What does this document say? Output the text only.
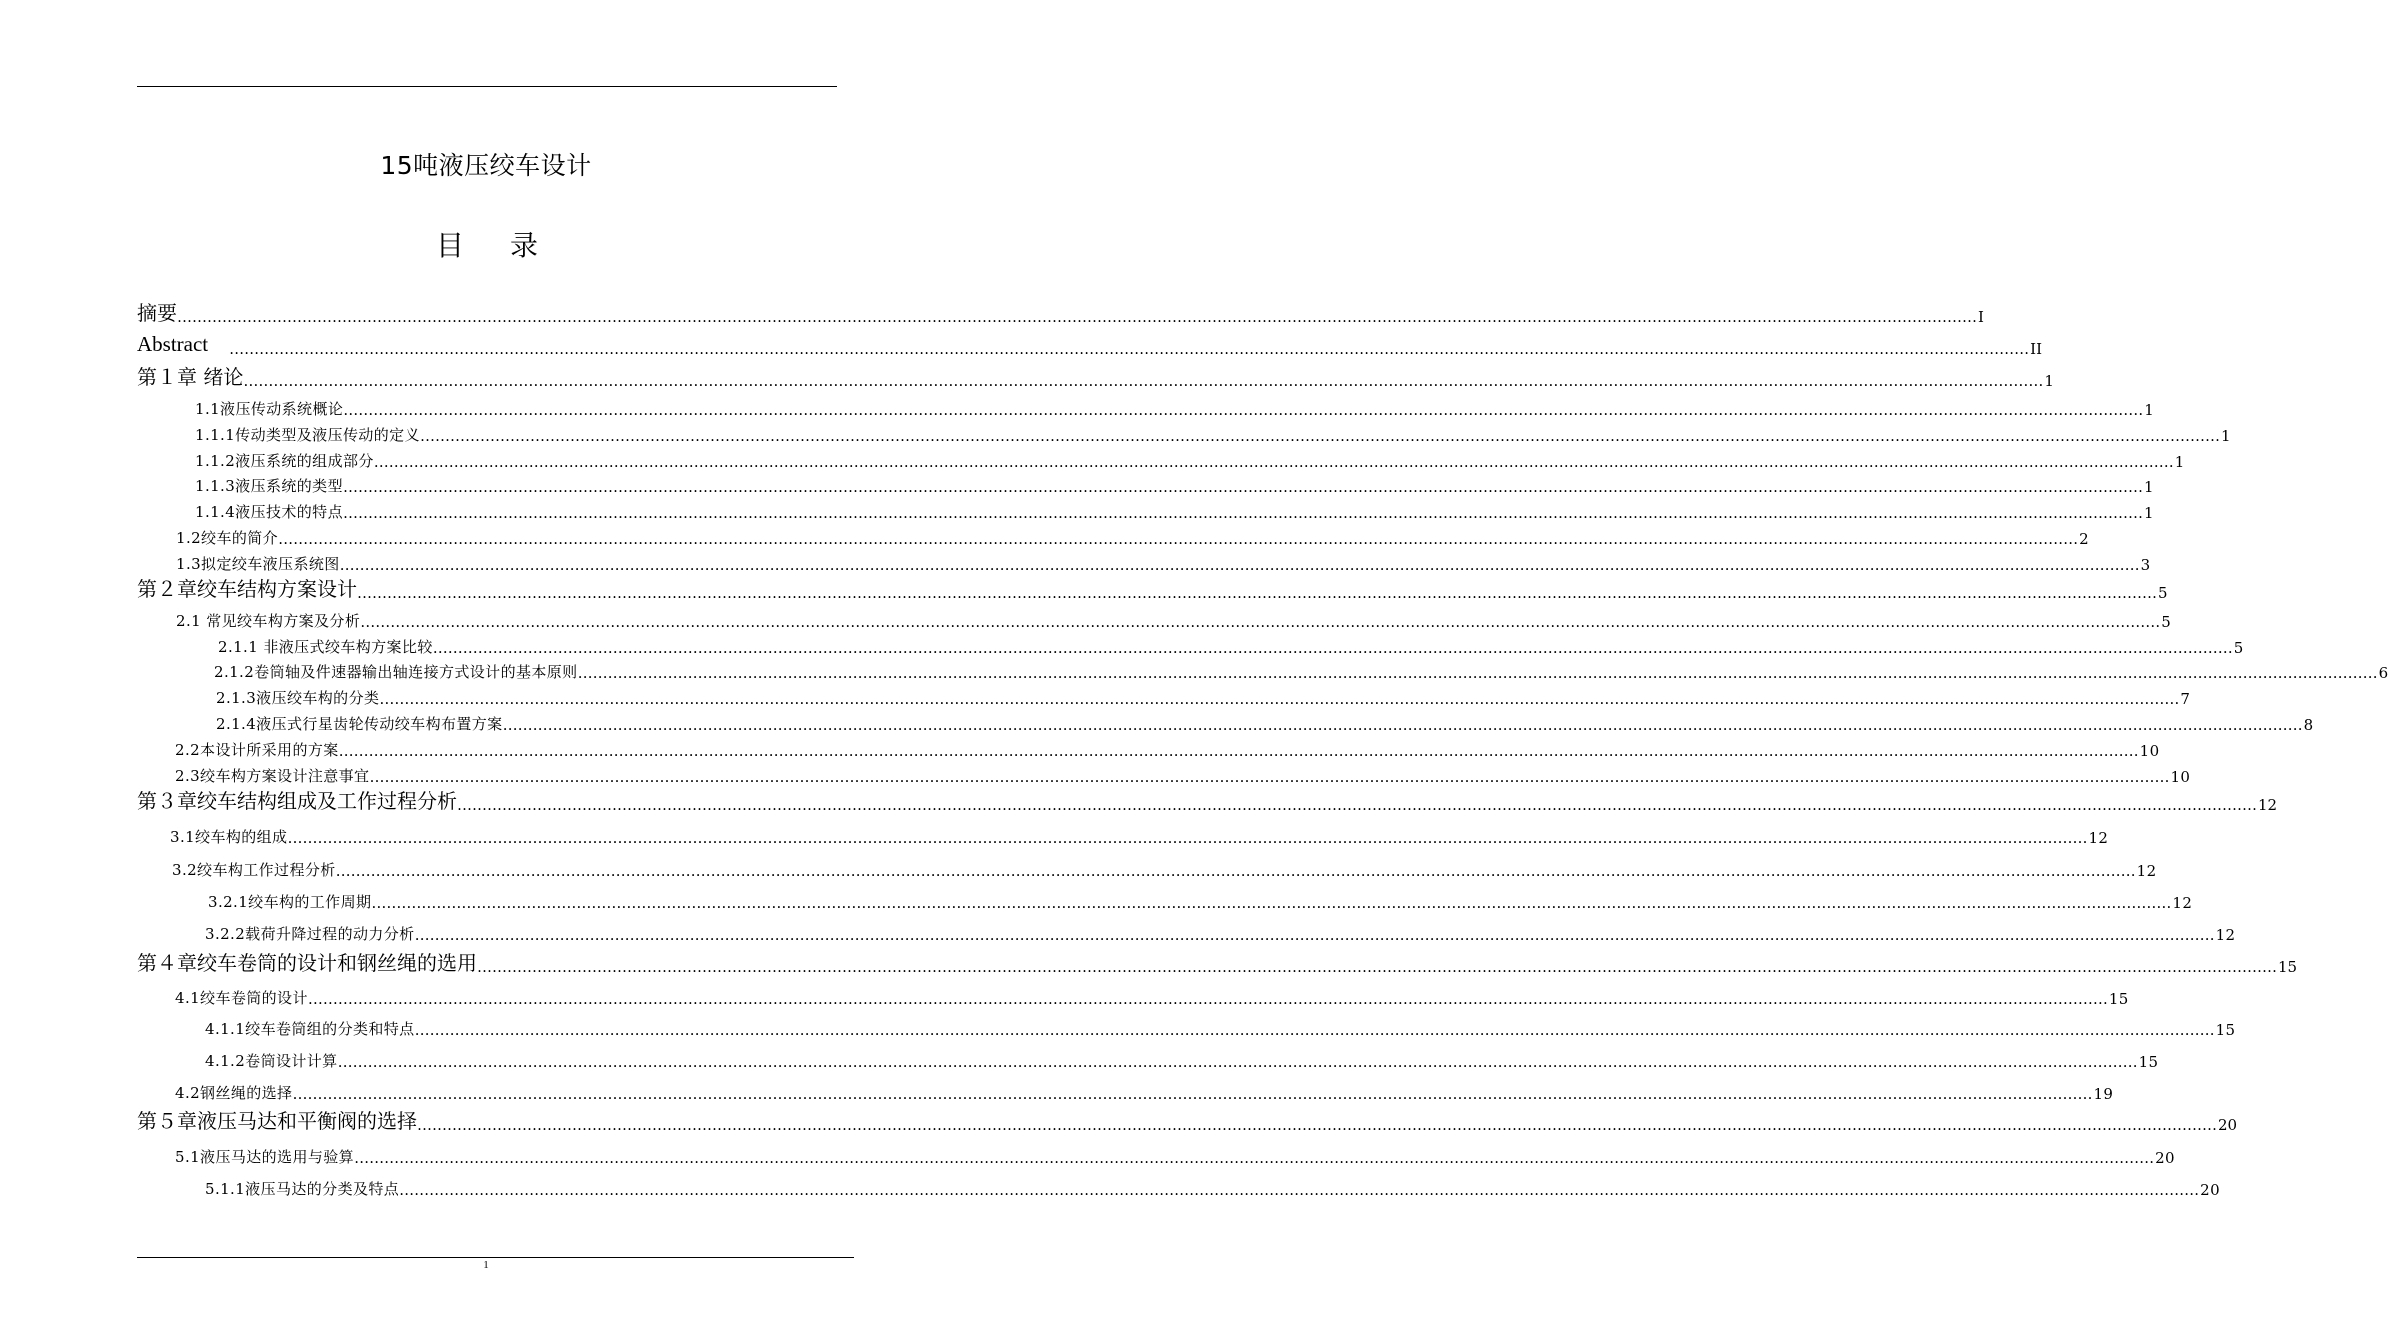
15吨液压绞车设计
目 录
摘要 ……………………………………………………………………………………………………………………………………………………………………………………………………………………………………………………………………………………………………………………………… I
Abstract　 ……………………………………………………………………………………………………………………………………………………………………………………………………………………………………………………………………………………………………………………………… II
第１章 绪论 ……………………………………………………………………………………………………………………………………………………………………………………………………………………………………………………………………………………………………………………………… 1
1.1液压传动系统概论 ……………………………………………………………………………………………………………………………………………………………………………………………………………………………………………………………………………………………………………………………… 1
1.1.1传动类型及液压传动的定义 ……………………………………………………………………………………………………………………………………………………………………………………………………………………………………………………………………………………………………………………………… 1
1.1.2液压系统的组成部分 ……………………………………………………………………………………………………………………………………………………………………………………………………………………………………………………………………………………………………………………………… 1
1.1.3液压系统的类型 ……………………………………………………………………………………………………………………………………………………………………………………………………………………………………………………………………………………………………………………………… 1
1.1.4液压技术的特点 ……………………………………………………………………………………………………………………………………………………………………………………………………………………………………………………………………………………………………………………………… 1
1.2绞车的简介 ……………………………………………………………………………………………………………………………………………………………………………………………………………………………………………………………………………………………………………………………… 2
1.3拟定绞车液压系统图 ……………………………………………………………………………………………………………………………………………………………………………………………………………………………………………………………………………………………………………………………… 3
第２章绞车结构方案设计 ……………………………………………………………………………………………………………………………………………………………………………………………………………………………………………………………………………………………………………………………… 5
2.1 常见绞车构方案及分析 ……………………………………………………………………………………………………………………………………………………………………………………………………………………………………………………………………………………………………………………………… 5
2.1.1 非液压式绞车构方案比较 ……………………………………………………………………………………………………………………………………………………………………………………………………………………………………………………………………………………………………………………………… 5
2.1.2卷筒轴及件速器输出轴连接方式设计的基本原则 ……………………………………………………………………………………………………………………………………………………………………………………………………………………………………………………………………………………………………………………………… 6
2.1.3液压绞车构的分类 ……………………………………………………………………………………………………………………………………………………………………………………………………………………………………………………………………………………………………………………………… 7
2.1.4液压式行星齿轮传动绞车构布置方案 ……………………………………………………………………………………………………………………………………………………………………………………………………………………………………………………………………………………………………………………………… 8
2.2本设计所采用的方案 ……………………………………………………………………………………………………………………………………………………………………………………………………………………………………………………………………………………………………………………………… 10
2.3绞车构方案设计注意事宜 ……………………………………………………………………………………………………………………………………………………………………………………………………………………………………………………………………………………………………………………………… 10
第３章绞车结构组成及工作过程分析 ……………………………………………………………………………………………………………………………………………………………………………………………………………………………………………………………………………………………………………………………… 12
3.1绞车构的组成 ……………………………………………………………………………………………………………………………………………………………………………………………………………………………………………………………………………………………………………………………… 12
3.2绞车构工作过程分析 ……………………………………………………………………………………………………………………………………………………………………………………………………………………………………………………………………………………………………………………………… 12
3.2.1绞车构的工作周期 ……………………………………………………………………………………………………………………………………………………………………………………………………………………………………………………………………………………………………………………………… 12
3.2.2载荷升降过程的动力分析 ……………………………………………………………………………………………………………………………………………………………………………………………………………………………………………………………………………………………………………………………… 12
第４章绞车卷筒的设计和钢丝绳的选用 ……………………………………………………………………………………………………………………………………………………………………………………………………………………………………………………………………………………………………………………………… 15
4.1绞车卷筒的设计 ……………………………………………………………………………………………………………………………………………………………………………………………………………………………………………………………………………………………………………………………… 15
4.1.1绞车卷筒组的分类和特点 ……………………………………………………………………………………………………………………………………………………………………………………………………………………………………………………………………………………………………………………………… 15
4.1.2卷筒设计计算 ……………………………………………………………………………………………………………………………………………………………………………………………………………………………………………………………………………………………………………………………… 15
4.2钢丝绳的选择 ……………………………………………………………………………………………………………………………………………………………………………………………………………………………………………………………………………………………………………………………… 19
第５章液压马达和平衡阀的选择 ……………………………………………………………………………………………………………………………………………………………………………………………………………………………………………………………………………………………………………………………… 20
5.1液压马达的选用与验算 ……………………………………………………………………………………………………………………………………………………………………………………………………………………………………………………………………………………………………………………………… 20
5.1.1液压马达的分类及特点 ……………………………………………………………………………………………………………………………………………………………………………………………………………………………………………………………………………………………………………………………… 20
1
